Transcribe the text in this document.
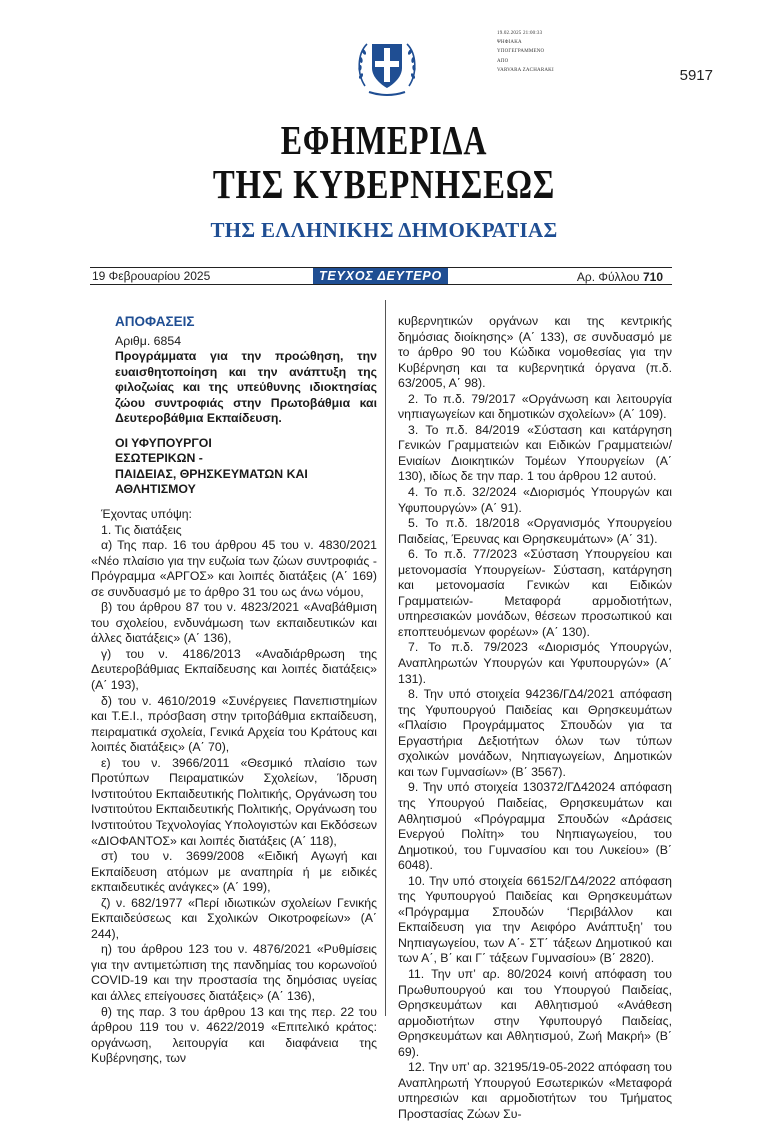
19.02.2025 21:00:33
ΨΗΦΙΑΚΑ
ΥΠΟΓΕΓΡΑΜΜΕΝΟ
ΑΠΟ
VARVARA ZACHARAKI	5917
ΕΦΗΜΕΡΙΔΑ
ΤΗΣ ΚΥΒΕΡΝΗΣΕΩΣ
ΤΗΣ ΕΛΛΗΝΙΚΗΣ ΔΗΜΟΚΡΑΤΙΑΣ
19 Φεβρουαρίου 2025	ΤΕΥΧΟΣ ΔΕΥΤΕΡΟ	Αρ. Φύλλου 710

ΑΠΟΦΑΣΕΙΣ

Αριθμ. 6854

Προγράμματα για την προώθηση, την ευαισθητοποίηση και την ανάπτυξη της φιλοζωίας και της υπεύθυνης ιδιοκτησίας ζώου συντροφιάς στην Πρωτοβάθμια και Δευτεροβάθμια Εκπαίδευση.

ΟΙ ΥΦΥΠΟΥΡΓΟΙ

ΕΣΩΤΕΡΙΚΩΝ -

ΠΑΙΔΕΙΑΣ, ΘΡΗΣΚΕΥΜΑΤΩΝ ΚΑΙ ΑΘΛΗΤΙΣΜΟΥ

Έχοντας υπόψη:

1. Τις διατάξεις

α) Της παρ. 16 του άρθρου 45 του ν. 4830/2021 «Νέο πλαίσιο για την ευζωία των ζώων συντροφιάς - Πρόγραμμα «ΑΡΓΟΣ» και λοιπές διατάξεις (Α΄ 169) σε συνδυασμό με το άρθρο 31 του ως άνω νόμου,

β) του άρθρου 87 του ν. 4823/2021 «Αναβάθμιση του σχολείου, ενδυνάμωση των εκπαιδευτικών και άλλες διατάξεις» (Α΄ 136),

γ) του ν. 4186/2013 «Αναδιάρθρωση της Δευτεροβάθμιας Εκπαίδευσης και λοιπές διατάξεις» (Α΄ 193),

δ) του ν. 4610/2019 «Συνέργειες Πανεπιστημίων και Τ.Ε.Ι., πρόσβαση στην τριτοβάθμια εκπαίδευση, πειραματικά σχολεία, Γενικά Αρχεία του Κράτους και λοιπές διατάξεις» (Α΄ 70),

ε) του ν. 3966/2011 «Θεσμικό πλαίσιο των Προτύπων Πειραματικών Σχολείων, Ίδρυση Ινστιτούτου Εκπαιδευτικής Πολιτικής, Οργάνωση του Ινστιτούτου Εκπαιδευτικής Πολιτικής, Οργάνωση του Ινστιτούτου Τεχνολογίας Υπολογιστών και Εκδόσεων «ΔΙΟΦΑΝΤΟΣ» και λοιπές διατάξεις (Α΄ 118),

στ) του ν. 3699/2008 «Ειδική Αγωγή και Εκπαίδευση ατόμων με αναπηρία ή με ειδικές εκπαιδευτικές ανάγκες» (Α΄ 199),

ζ) ν. 682/1977 «Περί ιδιωτικών σχολείων Γενικής Εκπαιδεύσεως και Σχολικών Οικοτροφείων» (Α΄ 244),

η) του άρθρου 123 του ν. 4876/2021 «Ρυθμίσεις για την αντιμετώπιση της πανδημίας του κορωνοϊού COVID-19 και την προστασία της δημόσιας υγείας και άλλες επείγουσες διατάξεις» (Α΄ 136),

θ) της παρ. 3 του άρθρου 13 και της περ. 22 του άρθρου 119 του ν. 4622/2019 «Επιτελικό κράτος: οργάνωση, λειτουργία και διαφάνεια της Κυβέρνησης, των

κυβερνητικών οργάνων και της κεντρικής δημόσιας διοίκησης» (Α΄ 133), σε συνδυασμό με το άρθρο 90 του Κώδικα νομοθεσίας για την Κυβέρνηση και τα κυβερνητικά όργανα (π.δ. 63/2005, Α΄ 98).

2. Το π.δ. 79/2017 «Οργάνωση και λειτουργία νηπιαγωγείων και δημοτικών σχολείων» (Α΄ 109).

3. Το π.δ. 84/2019 «Σύσταση και κατάργηση Γενικών Γραμματειών και Ειδικών Γραμματειών/Ενιαίων Διοικητικών Τομέων Υπουργείων (Α΄ 130), ιδίως δε την παρ. 1 του άρθρου 12 αυτού.

4. Το π.δ. 32/2024 «Διορισμός Υπουργών και Υφυπουργών» (Α΄ 91).

5. Το π.δ. 18/2018 «Οργανισμός Υπουργείου Παιδείας, Έρευνας και Θρησκευμάτων» (Α΄ 31).

6. Το π.δ. 77/2023 «Σύσταση Υπουργείου και μετονομασία Υπουργείων- Σύσταση, κατάργηση και μετονομασία Γενικών και Ειδικών Γραμματειών- Μεταφορά αρμοδιοτήτων, υπηρεσιακών μονάδων, θέσεων προσωπικού και εποπτευόμενων φορέων» (Α΄ 130).

7. Το π.δ. 79/2023 «Διορισμός Υπουργών, Αναπληρωτών Υπουργών και Υφυπουργών» (Α΄ 131).

8. Την υπό στοιχεία 94236/ΓΔ4/2021 απόφαση της Υφυπουργού Παιδείας και Θρησκευμάτων «Πλαίσιο Προγράμματος Σπουδών για τα Εργαστήρια Δεξιοτήτων όλων των τύπων σχολικών μονάδων, Νηπιαγωγείων, Δημοτικών και των Γυμνασίων» (Β΄ 3567).

9. Την υπό στοιχεία 130372/ΓΔ42024 απόφαση της Υπουργού Παιδείας, Θρησκευμάτων και Αθλητισμού «Πρόγραμμα Σπουδών «Δράσεις Ενεργού Πολίτη» του Νηπιαγωγείου, του Δημοτικού, του Γυμνασίου και του Λυκείου» (Β΄ 6048).

10. Την υπό στοιχεία 66152/ΓΔ4/2022 απόφαση της Υφυπουργού Παιδείας και Θρησκευμάτων «Πρόγραμμα Σπουδών ‘Περιβάλλον και Εκπαίδευση για την Αειφόρο Ανάπτυξη’ του Νηπιαγωγείου, των Α΄- ΣΤ΄ τάξεων Δημοτικού και των Α΄, Β΄ και Γ΄ τάξεων Γυμνασίου» (Β΄ 2820).

11. Την υπ’ αρ. 80/2024 κοινή απόφαση του Πρωθυπουργού και του Υπουργού Παιδείας, Θρησκευμάτων και Αθλητισμού «Ανάθεση αρμοδιοτήτων στην Υφυπουργό Παιδείας, Θρησκευμάτων και Αθλητισμού, Ζωή Μακρή» (Β΄ 69).

12. Την υπ’ αρ. 32195/19-05-2022 απόφαση του Αναπληρωτή Υπουργού Εσωτερικών «Μεταφορά υπηρεσιών και αρμοδιοτήτων του Τμήματος Προστασίας Ζώων Συ-
